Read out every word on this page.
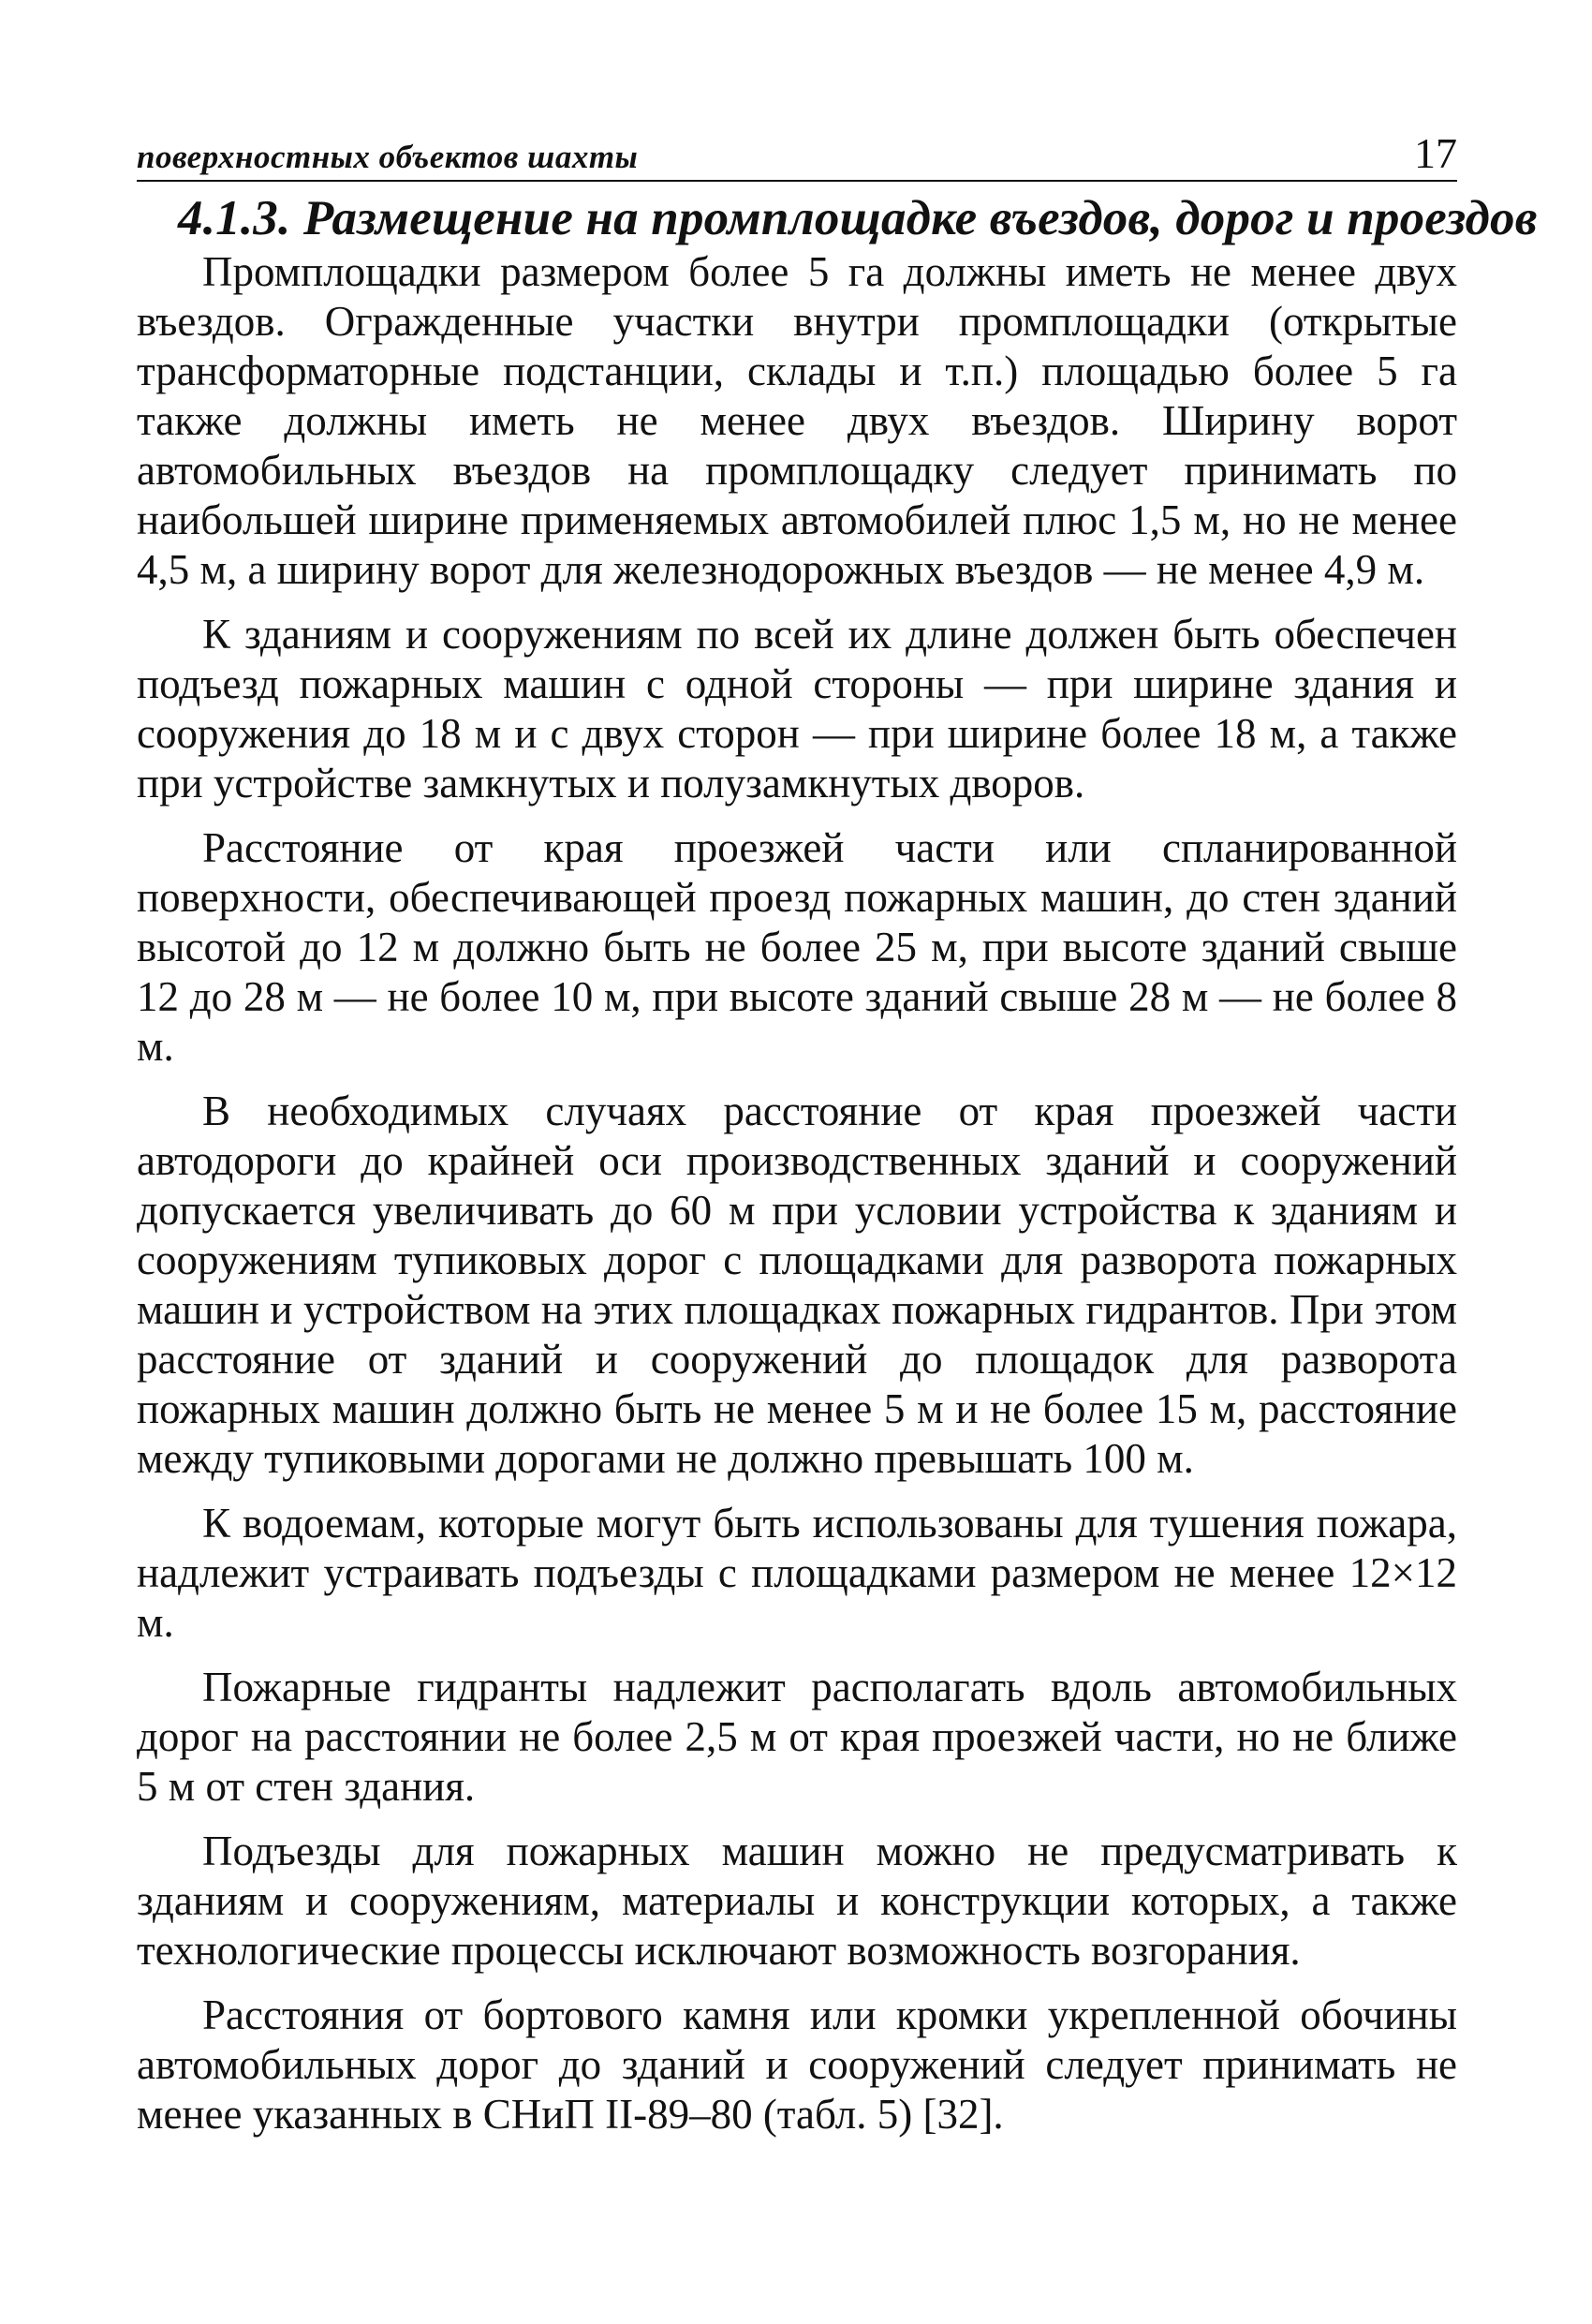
поверхностных объектов шахты	17
4.1.3. Размещение на промплощадке въездов, дорог и проездов

Промплощадки размером более 5 га должны иметь не менее двух въездов. Огражденные участки внутри промплощадки (открытые трансформаторные подстанции, склады и т.п.) площадью более 5 га также должны иметь не менее двух въездов. Ширину ворот автомобильных въездов на промплощадку следует принимать по наибольшей ширине применяемых автомобилей плюс 1,5 м, но не менее 4,5 м, а ширину ворот для железнодорожных въездов — не менее 4,9 м.

К зданиям и сооружениям по всей их длине должен быть обеспечен подъезд пожарных машин с одной стороны — при ширине здания и сооружения до 18 м и с двух сторон — при ширине более 18 м, а также при устройстве замкнутых и полузамкнутых дворов.

Расстояние от края проезжей части или спланированной поверхности, обеспечивающей проезд пожарных машин, до стен зданий высотой до 12 м должно быть не более 25 м, при высоте зданий свыше 12 до 28 м — не более 10 м, при высоте зданий свыше 28 м — не более 8 м.

В необходимых случаях расстояние от края проезжей части автодороги до крайней оси производственных зданий и сооружений допускается увеличивать до 60 м при условии устройства к зданиям и сооружениям тупиковых дорог с площадками для разворота пожарных машин и устройством на этих площадках пожарных гидрантов. При этом расстояние от зданий и сооружений до площадок для разворота пожарных машин должно быть не менее 5 м и не более 15 м, расстояние между тупиковыми дорогами не должно превышать 100 м.

К водоемам, которые могут быть использованы для тушения пожара, надлежит устраивать подъезды с площадками размером не менее 12×12 м.

Пожарные гидранты надлежит располагать вдоль автомобильных дорог на расстоянии не более 2,5 м от края проезжей части, но не ближе 5 м от стен здания.

Подъезды для пожарных машин можно не предусматривать к зданиям и сооружениям, материалы и конструкции которых, а также технологические процессы исключают возможность возгорания.

Расстояния от бортового камня или кромки укрепленной обочины автомобильных дорог до зданий и сооружений следует принимать не менее указанных в СНиП II-89–80 (табл. 5) [32].
